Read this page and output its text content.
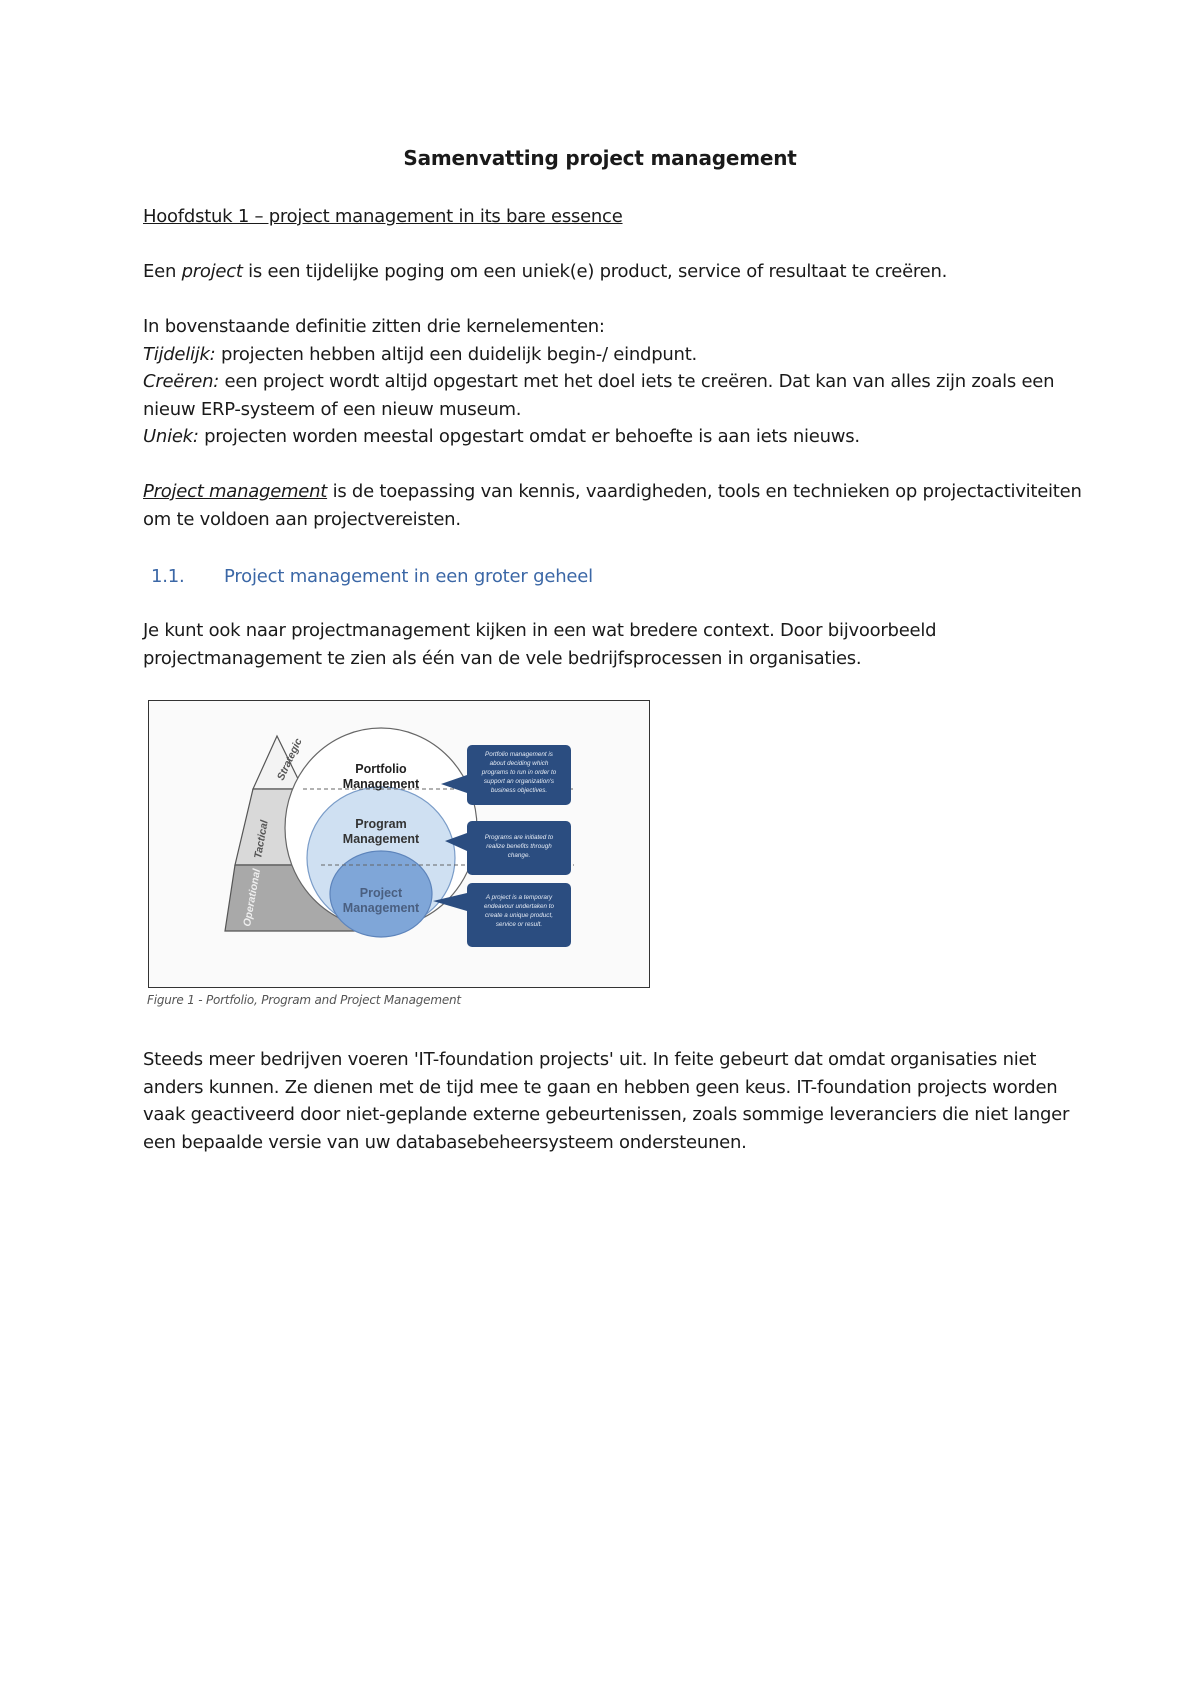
Samenvatting project management

Hoofdstuk 1 – project management in its bare essence

Een project is een tijdelijke poging om een uniek(e) product, service of resultaat te creëren.

In bovenstaande definitie zitten drie kernelementen:
Tijdelijk: projecten hebben altijd een duidelijk begin-/ eindpunt.
Creëren: een project wordt altijd opgestart met het doel iets te creëren. Dat kan van alles zijn zoals een nieuw ERP-systeem of een nieuw museum.
Uniek: projecten worden meestal opgestart omdat er behoefte is aan iets nieuws.

Project management is de toepassing van kennis, vaardigheden, tools en technieken op projectactiviteiten om te voldoen aan projectvereisten.

1.1. Project management in een groter geheel

Je kunt ook naar projectmanagement kijken in een wat bredere context. Door bijvoorbeeld projectmanagement te zien als één van de vele bedrijfsprocessen in organisaties.

Strategic
Tactical
Operational
Portfolio
Management
Program
Management
Project
Management
Portfolio management is
about deciding which
programs to run in order to
support an organization's
business objectives.
Programs are initiated to
realize benefits through
change.
A project is a temporary
endeavour undertaken to
create a unique product,
service or result.
Figure 1 - Portfolio, Program and Project Management

Steeds meer bedrijven voeren 'IT-foundation projects' uit. In feite gebeurt dat omdat organisaties niet anders kunnen. Ze dienen met de tijd mee te gaan en hebben geen keus. IT-foundation projects worden vaak geactiveerd door niet-geplande externe gebeurtenissen, zoals sommige leveranciers die niet langer een bepaalde versie van uw databasebeheersysteem ondersteunen.
